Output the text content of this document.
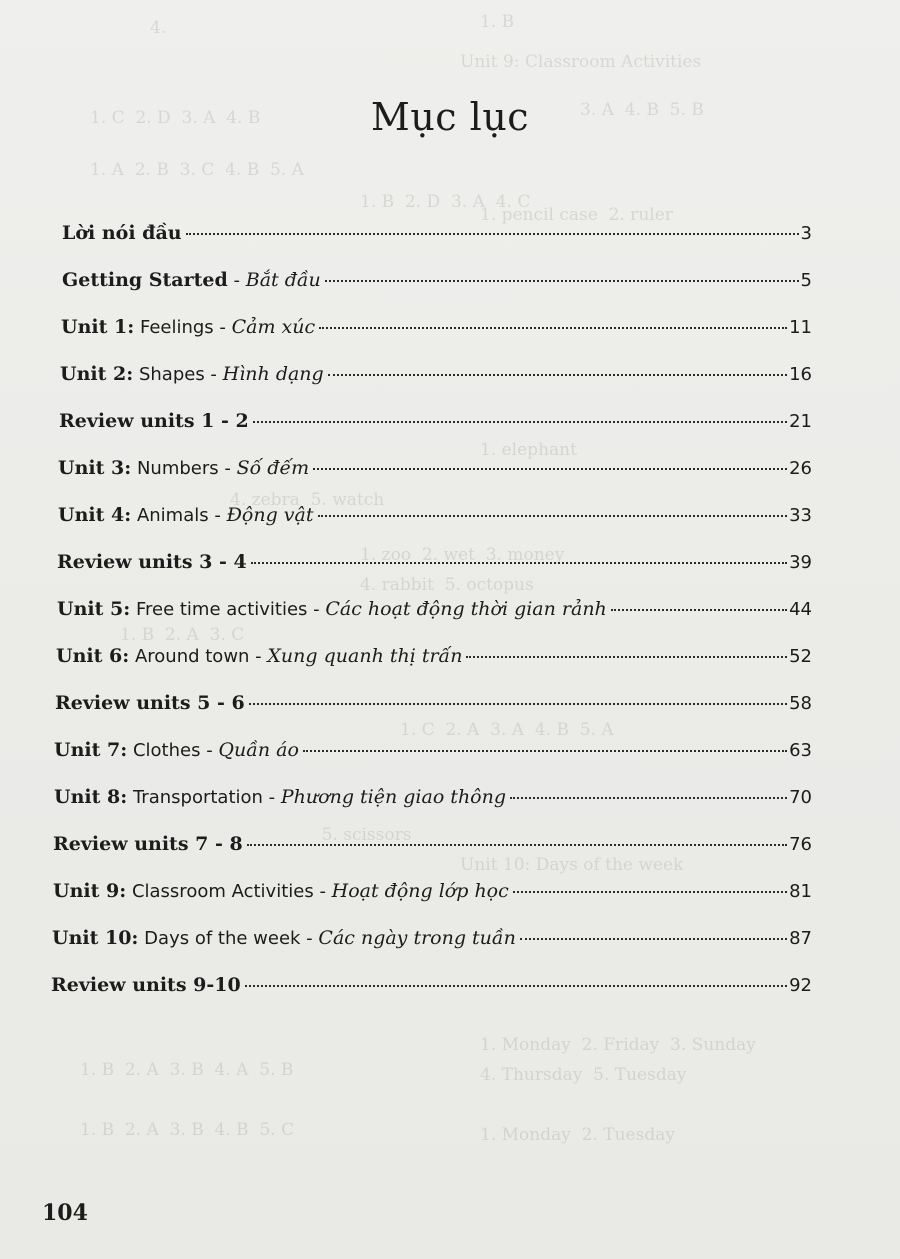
4.	1. B
Unit 9: Classroom Activities
1. C  2. D  3. A  4. B	3. A  4. B  5. B
1. A  2. B  3. C  4. B  5. A
1. B  2. D  3. A  4. C
1. pencil case  2. ruler
1. elephant
4. zebra  5. watch
1. zoo  2. wet  3. money
4. rabbit  5. octopus
1. B  2. A  3. C
1. C  2. A  3. A  4. B  5. A
5. scissors
Unit 10: Days of the week
1. B  2. A  3. B  4. A  5. B
1. Monday  2. Friday  3. Sunday
4. Thursday  5. Tuesday
1. B  2. A  3. B  4. B  5. C	1. Monday  2. Tuesday
Mục lục
Lời nói đầu	3
Getting Started - Bắt đầu	5
Unit 1: Feelings - Cảm xúc	11
Unit 2: Shapes - Hình dạng	16
Review units 1 - 2	21
Unit 3: Numbers - Số đếm	26
Unit 4: Animals - Động vật	33
Review units 3 - 4	39
Unit 5: Free time activities - Các hoạt động thời gian rảnh	44
Unit 6: Around town - Xung quanh thị trấn	52
Review units 5 - 6	58
Unit 7: Clothes - Quần áo	63
Unit 8: Transportation - Phương tiện giao thông	70
Review units 7 - 8	76
Unit 9: Classroom Activities - Hoạt động lớp học	81
Unit 10: Days of the week - Các ngày trong tuần	87
Review units 9-10	92
104
